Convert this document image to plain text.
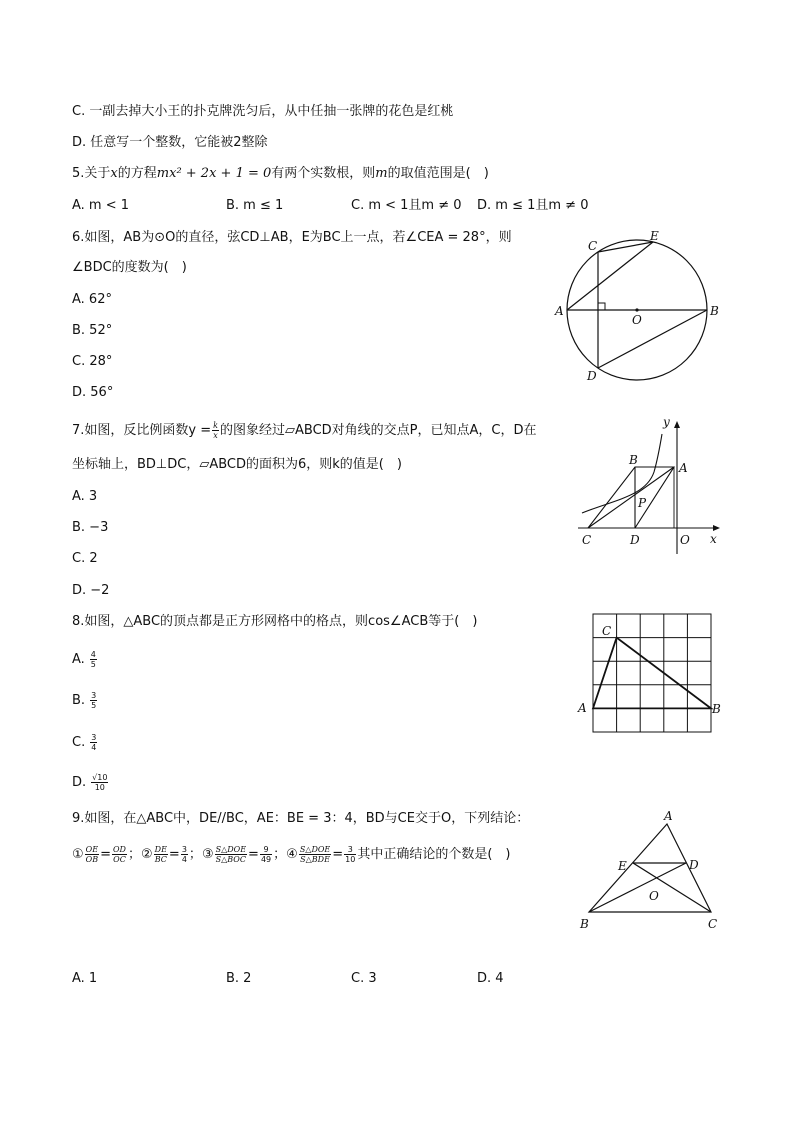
C. 一副去掉大小王的扑克牌洗匀后，从中任抽一张牌的花色是红桃
D. 任意写一个整数，它能被2整除
5.关于x的方程mx² + 2x + 1 = 0有两个实数根，则m的取值范围是(　)
A. m < 1	B. m ≤ 1	C. m < 1且m ≠ 0 D. m ≤ 1且m ≠ 0
6.如图，AB为⊙O的直径，弦CD⊥AB，E为BC上一点，若∠CEA = 28°，则
∠BDC的度数为(　)
A. 62°
B. 52°
C. 28°
D. 56°
C
E
A	B
O
D
7.如图，反比例函数$y = \frac{k}{x}$ 的图象经过▱ABCD对角线的交点P，已知点A，C，D在
坐标轴上，BD⊥DC，▱ABCD的面积为6，则k的值是(　)
A. 3
B. −3
C. 2
D. −2
y
x
B
A
P
C	D	O
8.如图，△ABC的顶点都是正方形网格中的格点，则cos∠ACB等于(　)
A. $\frac{4}{5}$
B. $\frac{3}{5}$
C. $\frac{3}{4}$
D. $\frac{√10}{10}$
C
A	B
9.如图，在△ABC中，DE//BC，AE：BE = 3：4，BD与CE交于O，下列结论：
① $\frac{OE}{OB} = \frac{OD}{OC}$ ；② $\frac{DE}{BC} = \frac{3}{4}$ ；③ $\frac{\text{S△DOE}}{\text{S△BOC}} = \frac{9}{49}$ ；④ $\frac{\text{S△DOE}}{\text{S△BDE}} = \frac{3}{10}$ 其中正确结论的个数是(　)
A
E	D
O
B	C
A. 1	B. 2	C. 3	D. 4
